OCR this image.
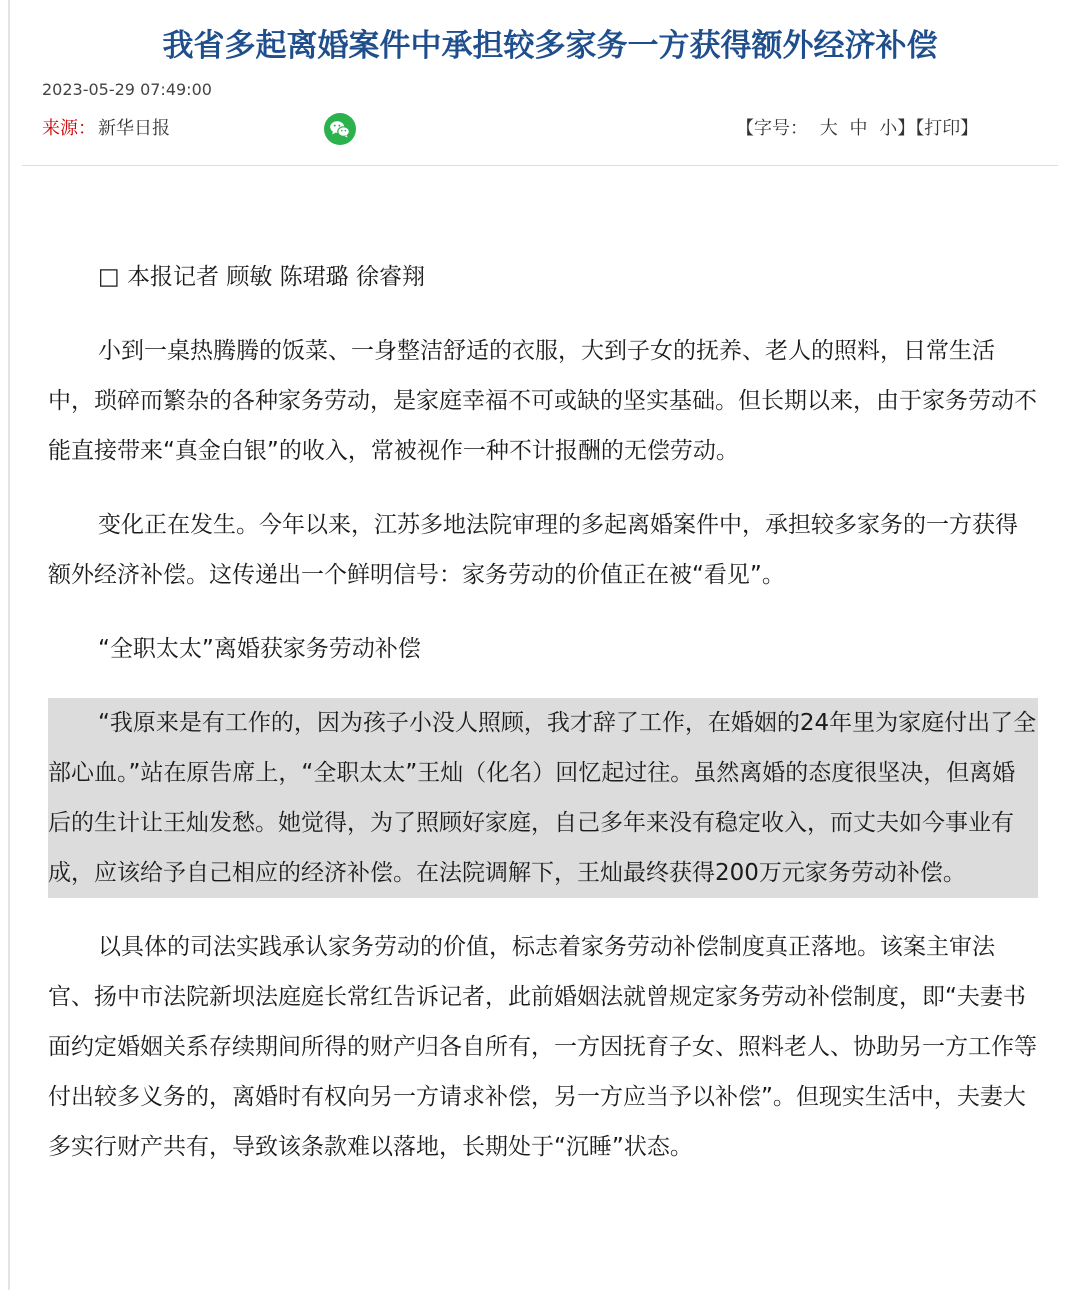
我省多起离婚案件中承担较多家务一方获得额外经济补偿
2023-05-29 07:49:00
来源： 新华日报	【字号： 大 中 小】【打印】

□ 本报记者 顾敏 陈珺璐 徐睿翔

小到一桌热腾腾的饭菜、一身整洁舒适的衣服，大到子女的抚养、老人的照料，日常生活中，琐碎而繁杂的各种家务劳动，是家庭幸福不可或缺的坚实基础。但长期以来，由于家务劳动不能直接带来“真金白银”的收入，常被视作一种不计报酬的无偿劳动。

变化正在发生。今年以来，江苏多地法院审理的多起离婚案件中，承担较多家务的一方获得额外经济补偿。这传递出一个鲜明信号：家务劳动的价值正在被“看见”。

“全职太太”离婚获家务劳动补偿

“我原来是有工作的，因为孩子小没人照顾，我才辞了工作，在婚姻的24年里为家庭付出了全部心血。”站在原告席上，“全职太太”王灿（化名）回忆起过往。虽然离婚的态度很坚决，但离婚后的生计让王灿发愁。她觉得，为了照顾好家庭，自己多年来没有稳定收入，而丈夫如今事业有成，应该给予自己相应的经济补偿。在法院调解下，王灿最终获得200万元家务劳动补偿。

以具体的司法实践承认家务劳动的价值，标志着家务劳动补偿制度真正落地。该案主审法官、扬中市法院新坝法庭庭长常红告诉记者，此前婚姻法就曾规定家务劳动补偿制度，即“夫妻书面约定婚姻关系存续期间所得的财产归各自所有，一方因抚育子女、照料老人、协助另一方工作等付出较多义务的，离婚时有权向另一方请求补偿，另一方应当予以补偿”。但现实生活中，夫妻大多实行财产共有，导致该条款难以落地，长期处于“沉睡”状态。
